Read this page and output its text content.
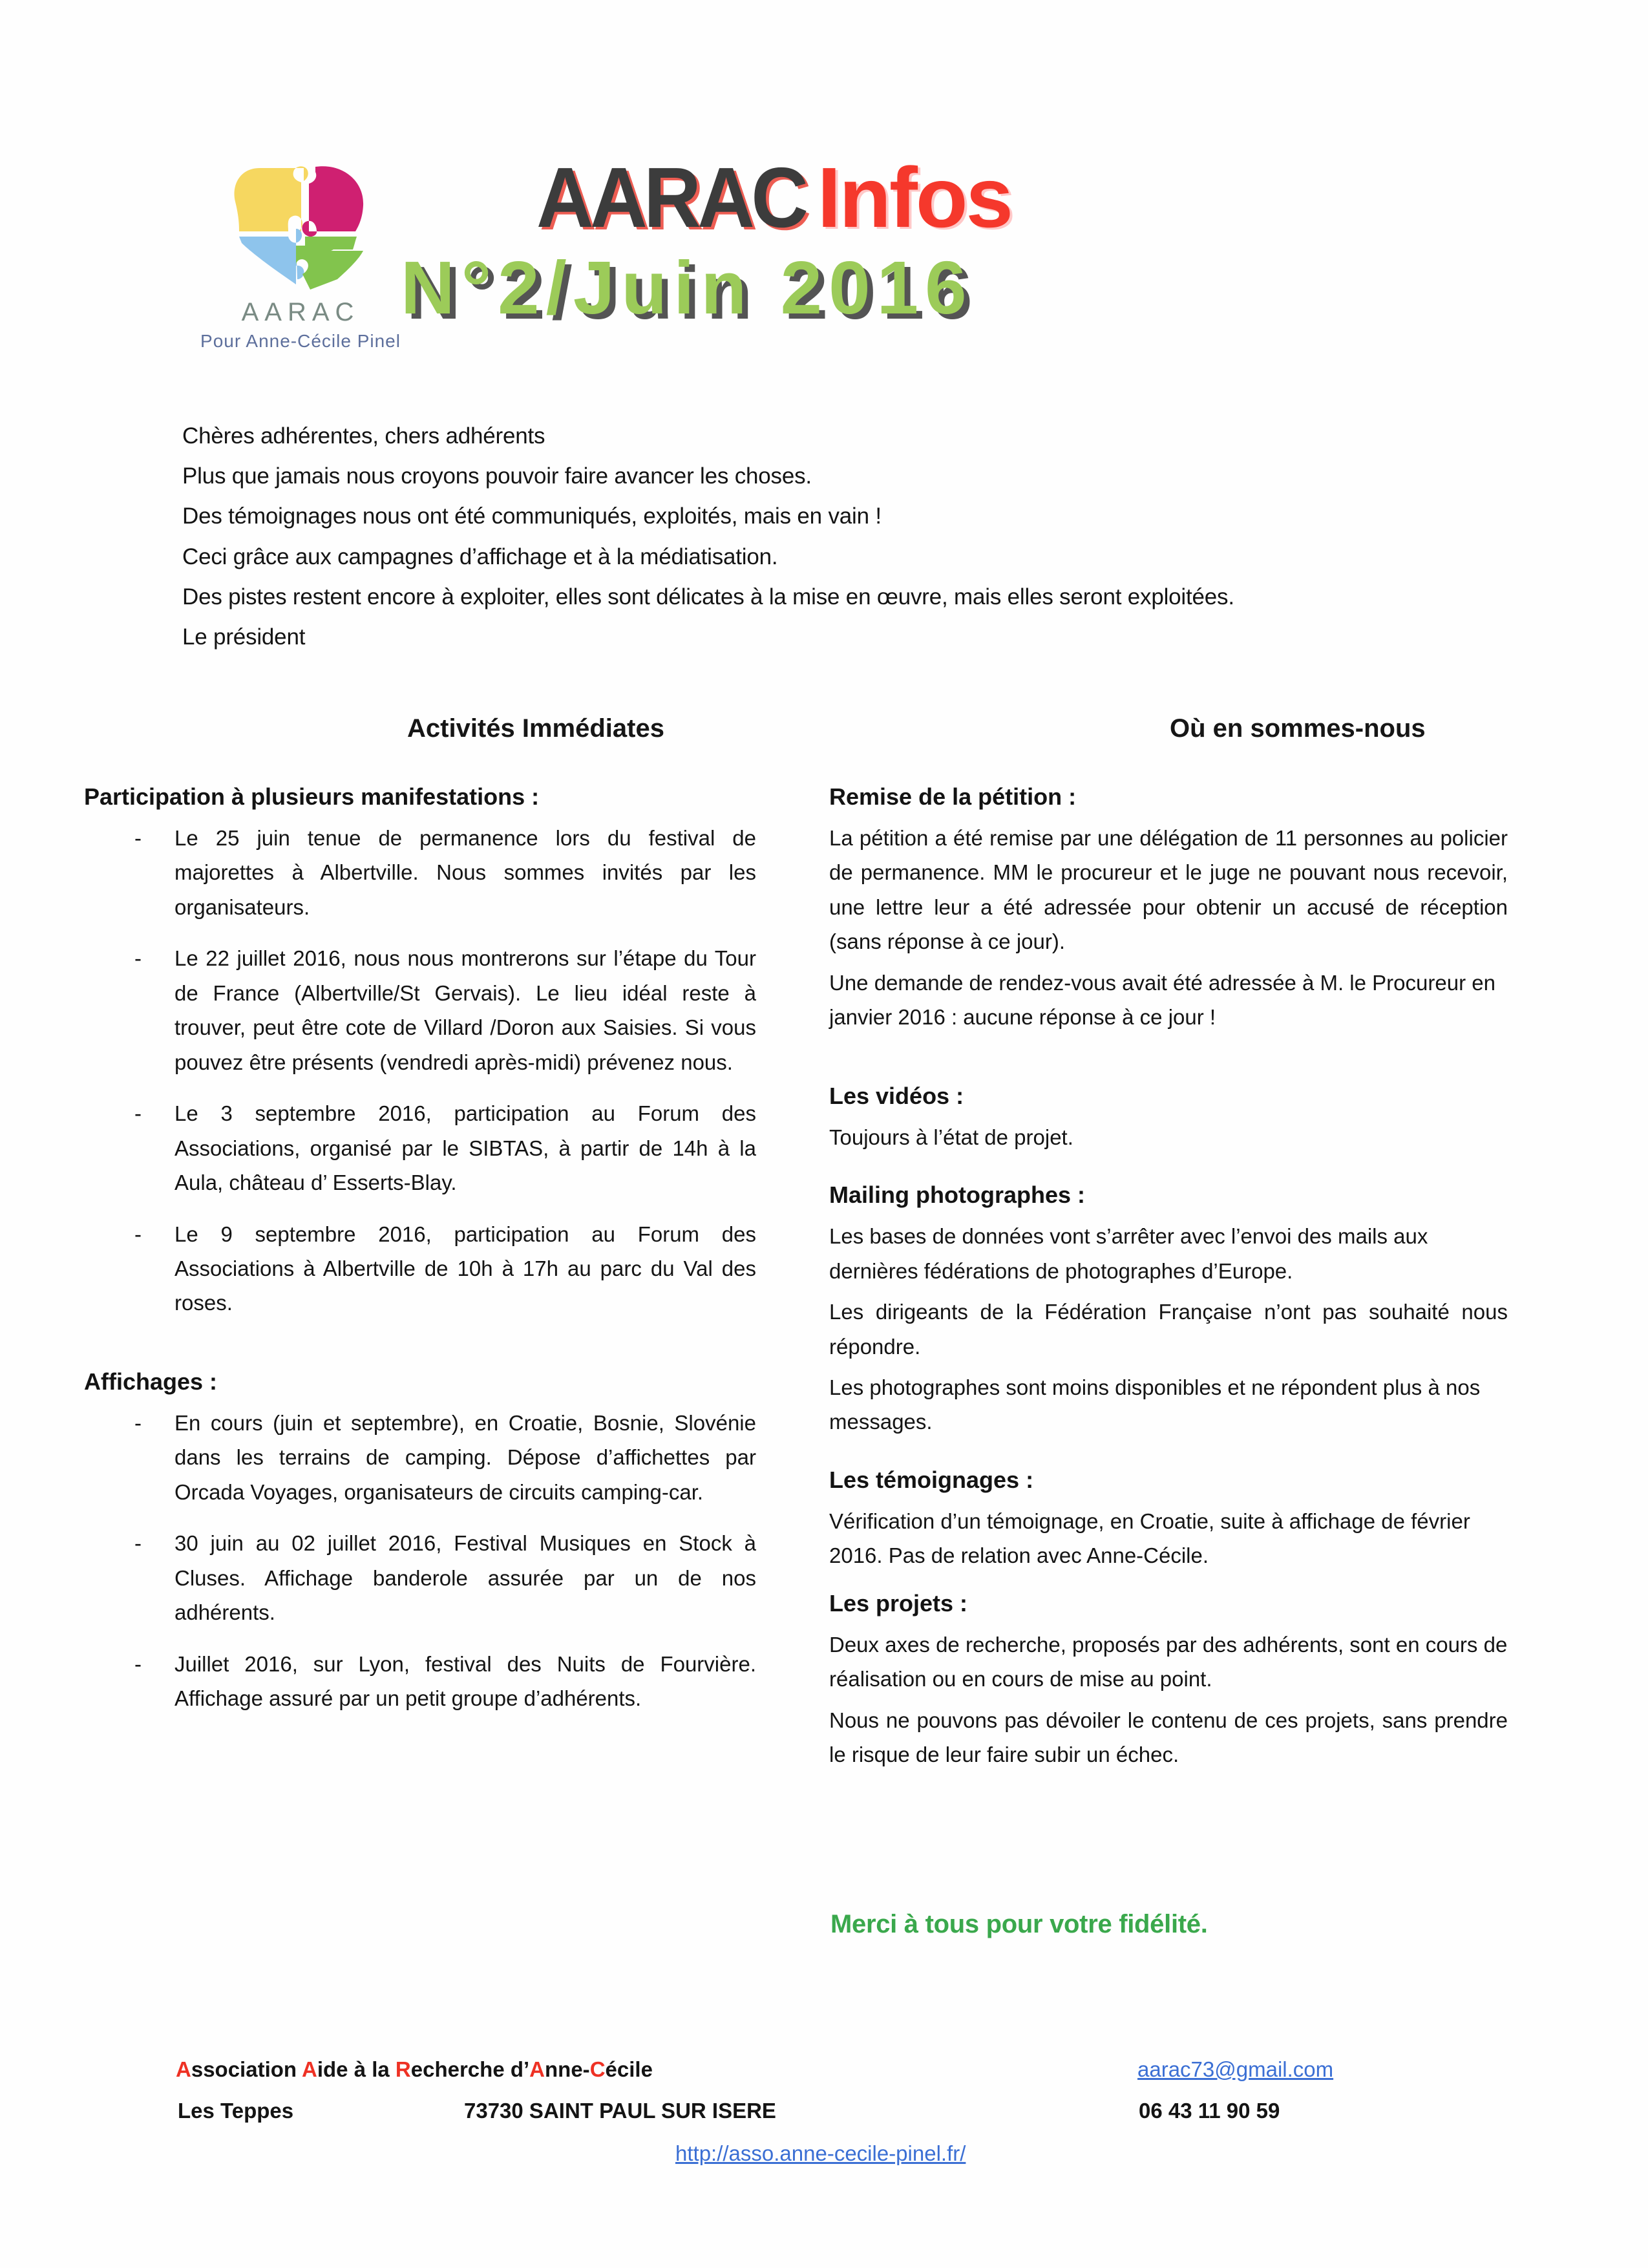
AARAC
Pour Anne-Cécile Pinel
AARAC Infos
N°2/Juin 2016

Chères adhérentes, chers adhérents

Plus que jamais nous croyons pouvoir faire avancer les choses.

Des témoignages nous ont été communiqués, exploités, mais en vain !

Ceci grâce aux campagnes d’affichage et à la médiatisation.

Des pistes restent encore à exploiter, elles sont délicates à la mise en œuvre, mais elles seront exploitées.

Le président

Activités Immédiates	Où en sommes-nous
Participation à plusieurs manifestations :
- Le 25 juin tenue de permanence lors du festival de majorettes à Albertville. Nous sommes invités par les organisateurs.
- Le 22 juillet 2016, nous nous montrerons sur l’étape du Tour de France (Albertville/St Gervais). Le lieu idéal reste à trouver, peut être cote de Villard /Doron aux Saisies. Si vous pouvez être présents (vendredi après-midi) prévenez nous.
- Le 3 septembre 2016, participation au Forum des Associations, organisé par le SIBTAS, à partir de 14h à la Aula, château d’ Esserts-Blay.
- Le 9 septembre 2016, participation au Forum des Associations à Albertville de 10h à 17h au parc du Val des roses.
Affichages :
- En cours (juin et septembre), en Croatie, Bosnie, Slovénie dans les terrains de camping. Dépose d’affichettes par Orcada Voyages, organisateurs de circuits camping-car.
- 30 juin au 02 juillet 2016, Festival Musiques en Stock à Cluses. Affichage banderole assurée par un de nos adhérents.
- Juillet 2016, sur Lyon, festival des Nuits de Fourvière. Affichage assuré par un petit groupe d’adhérents.
Remise de la pétition :

La pétition a été remise par une délégation de 11 personnes au policier de permanence. MM le procureur et le juge ne pouvant nous recevoir, une lettre leur a été adressée pour obtenir un accusé de réception (sans réponse à ce jour).

Une demande de rendez-vous avait été adressée à M. le Procureur en janvier 2016 : aucune réponse à ce jour !

Les vidéos :

Toujours à l’état de projet.

Mailing photographes :

Les bases de données vont s’arrêter avec l’envoi des mails aux dernières fédérations de photographes d’Europe.

Les dirigeants de la Fédération Française n’ont pas souhaité nous répondre.

Les photographes sont moins disponibles et ne répondent plus à nos messages.

Les témoignages :

Vérification d’un témoignage, en Croatie, suite à affichage de février 2016. Pas de relation avec Anne-Cécile.

Les projets :

Deux axes de recherche, proposés par des adhérents, sont en cours de réalisation ou en cours de mise au point.

Nous ne pouvons pas dévoiler le contenu de ces projets, sans prendre le risque de leur faire subir un échec.

Merci à tous pour votre fidélité.
Association Aide à la Recherche d’Anne-Cécile
Les Teppes	73730 SAINT PAUL SUR ISERE
aarac73@gmail.com
06 43 11 90 59
http://asso.anne-cecile-pinel.fr/
